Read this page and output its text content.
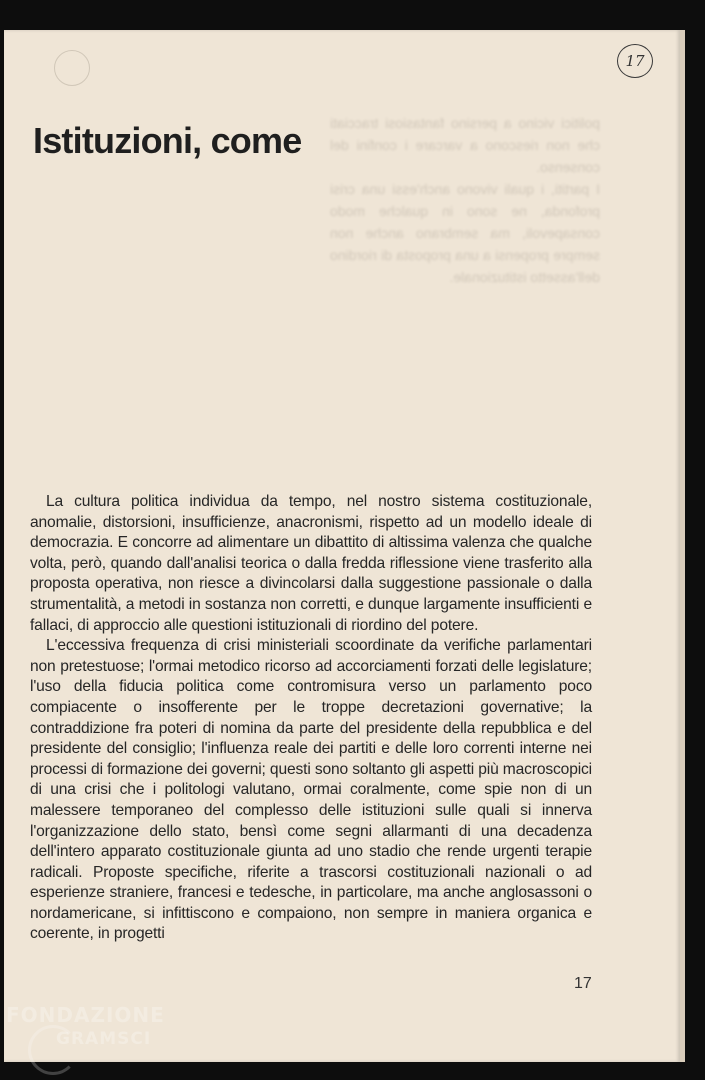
politici vicino a persino fantasiosi tracciati che non riescono a varcare i confini del consenso.

I partiti, i quali vivono anch'essi una crisi profonda, ne sono in qualche modo consapevoli, ma sembrano anche non sempre propensi a una proposta di riordino dell'assetto istituzionale.

17
Istituzioni, come

La cultura politica individua da tempo, nel nostro sistema costituzionale, anomalie, distorsioni, insufficienze, anacronismi, rispetto ad un modello ideale di democrazia. E concorre ad alimentare un dibattito di altissima valenza che qualche volta, però, quando dall'analisi teorica o dalla fredda riflessione viene trasferito alla proposta operativa, non riesce a divincolarsi dalla suggestione passionale o dalla strumentalità, a metodi in sostanza non corretti, e dunque largamente insufficienti e fallaci, di approccio alle questioni istituzionali di riordino del potere.

L'eccessiva frequenza di crisi ministeriali scoordinate da verifiche parlamentari non pretestuose; l'ormai metodico ricorso ad accorciamenti forzati delle legislature; l'uso della fiducia politica come contromisura verso un parlamento poco compiacente o insofferente per le troppe decretazioni governative; la contraddizione fra poteri di nomina da parte del presidente della repubblica e del presidente del consiglio; l'influenza reale dei partiti e delle loro correnti interne nei processi di formazione dei governi; questi sono soltanto gli aspetti più macroscopici di una crisi che i politologi valutano, ormai coralmente, come spie non di un malessere temporaneo del complesso delle istituzioni sulle quali si innerva l'organizzazione dello stato, bensì come segni allarmanti di una decadenza dell'intero apparato costituzionale giunta ad uno stadio che rende urgenti terapie radicali. Proposte specifiche, riferite a trascorsi costituzionali nazionali o ad esperienze straniere, francesi e tedesche, in particolare, ma anche anglosassoni o nordamericane, si infittiscono e compaiono, non sempre in maniera organica e coerente, in progetti

17
FONDAZIONE
GRAMSCI
